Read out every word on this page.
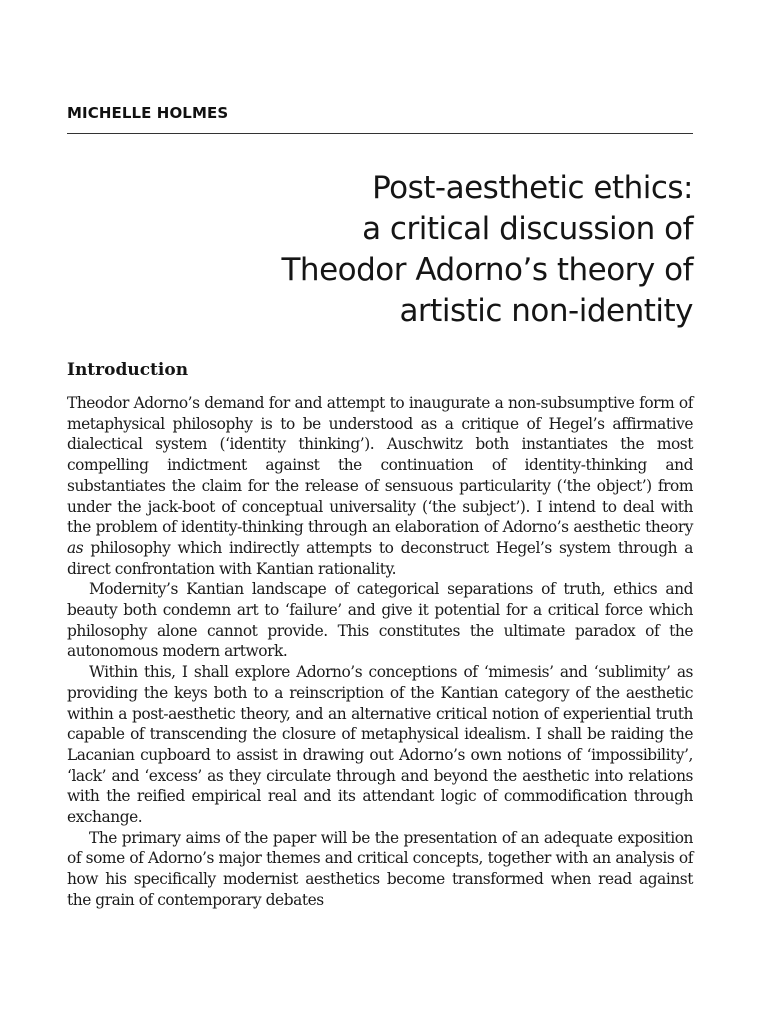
MICHELLE HOLMES

Post-aesthetic ethics:
a critical discussion of
Theodor Adorno’s theory of
artistic non-identity
Introduction

Theodor Adorno’s demand for and attempt to inaugurate a non-subsumptive form of metaphysical philosophy is to be understood as a critique of Hegel’s affirmative dialectical system (‘identity thinking’). Auschwitz both instantiates the most compelling indictment against the continuation of identity-thinking and substantiates the claim for the release of sensuous particularity (‘the object’) from under the jack-boot of conceptual universality (‘the subject’). I intend to deal with the problem of identity-thinking through an elaboration of Adorno’s aesthetic theory as philosophy which indirectly attempts to deconstruct Hegel’s system through a direct confrontation with Kantian rationality.

Modernity’s Kantian landscape of categorical separations of truth, ethics and beauty both condemn art to ‘failure’ and give it potential for a critical force which philosophy alone cannot provide. This constitutes the ultimate paradox of the autonomous modern artwork.

Within this, I shall explore Adorno’s conceptions of ‘mimesis’ and ‘sublimity’ as providing the keys both to a reinscription of the Kantian category of the aesthetic within a post-aesthetic theory, and an alternative critical notion of experiential truth capable of transcending the closure of metaphysical idealism. I shall be raiding the Lacanian cupboard to assist in drawing out Adorno’s own notions of ‘impossibility’, ‘lack’ and ‘excess’ as they circulate through and beyond the aesthetic into relations with the reified empirical real and its attendant logic of commodification through exchange.

The primary aims of the paper will be the presentation of an adequate exposition of some of Adorno’s major themes and critical concepts, together with an analysis of how his specifically modernist aesthetics become transformed when read against the grain of contemporary debates
